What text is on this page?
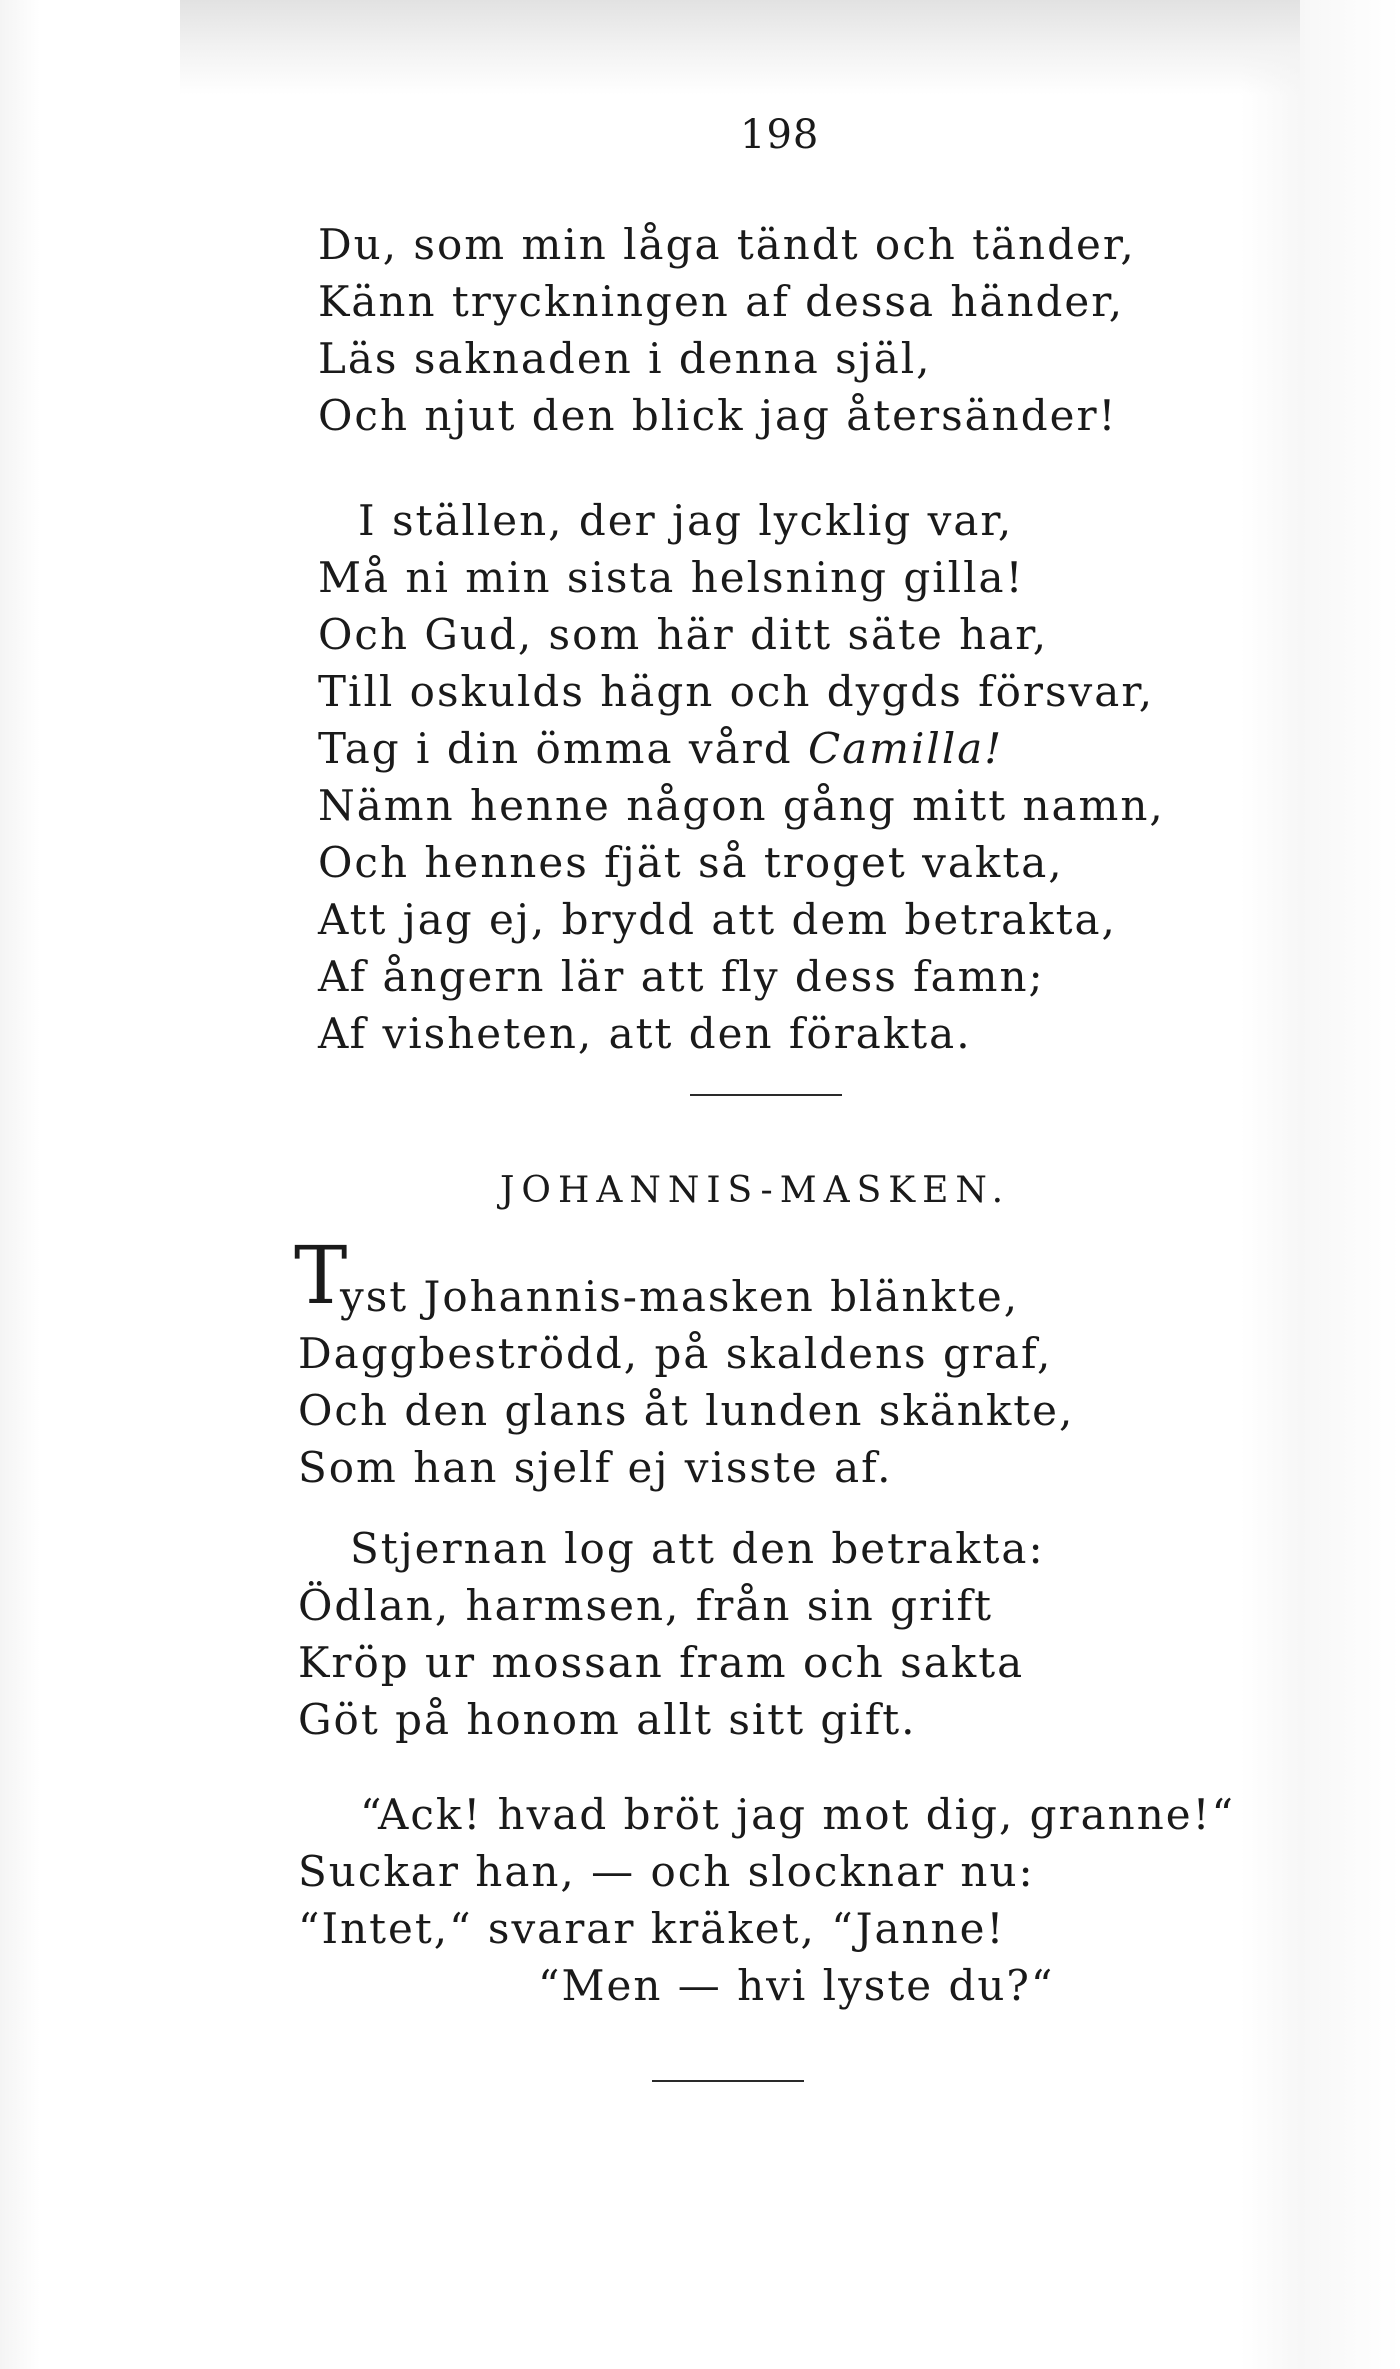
198
Du, som min låga tändt och tänder,
Känn tryckningen af dessa händer,
Läs saknaden i denna själ,
Och njut den blick jag återsänder!
I ställen, der jag lycklig var,
Må ni min sista helsning gilla!
Och Gud, som här ditt säte har,
Till oskulds hägn och dygds försvar,
Tag i din ömma vård Camilla!
Nämn henne någon gång mitt namn,
Och hennes fjät så troget vakta,
Att jag ej, brydd att dem betrakta,
Af ångern lär att fly dess famn;
Af visheten, att den förakta.
JOHANNIS-MASKEN.
T
yst Johannis-masken blänkte,
Daggbeströdd, på skaldens graf,
Och den glans åt lunden skänkte,
Som han sjelf ej visste af.
Stjernan log att den betrakta:
Ödlan, harmsen, från sin grift
Kröp ur mossan fram och sakta
Göt på honom allt sitt gift.
“Ack! hvad bröt jag mot dig, granne!“
Suckar han, — och slocknar nu:
“Intet,“ svarar kräket, “Janne!
“Men — hvi lyste du?“
